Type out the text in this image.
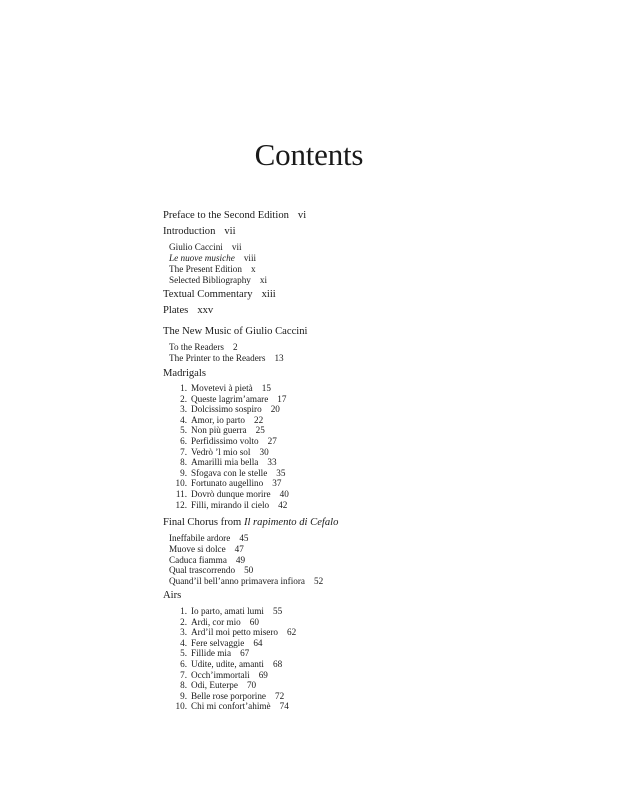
Contents
Preface to the Second Edition vi
Introduction vii
Giulio Caccini vii
Le nuove musiche viii
The Present Edition x
Selected Bibliography xi
Textual Commentary xiii
Plates xxv
The New Music of Giulio Caccini
To the Readers 2
The Printer to the Readers 13
Madrigals
1. Movetevi à pietà 15
2. Queste lagrim’amare 17
3. Dolcissimo sospiro 20
4. Amor, io parto 22
5. Non più guerra 25
6. Perfidissimo volto 27
7. Vedrò ’l mio sol 30
8. Amarilli mia bella 33
9. Sfogava con le stelle 35
10. Fortunato augellino 37
11. Dovrò dunque morire 40
12. Filli, mirando il cielo 42
Final Chorus from Il rapimento di Cefalo
Ineffabile ardore 45
Muove si dolce 47
Caduca fiamma 49
Qual trascorrendo 50
Quand’il bell’anno primavera infiora 52
Airs
1. Io parto, amati lumi 55
2. Ardi, cor mio 60
3. Ard’il moi petto misero 62
4. Fere selvaggie 64
5. Fillide mia 67
6. Udite, udite, amanti 68
7. Occh’immortali 69
8. Odi, Euterpe 70
9. Belle rose porporine 72
10. Chi mi confort’ahimè 74
